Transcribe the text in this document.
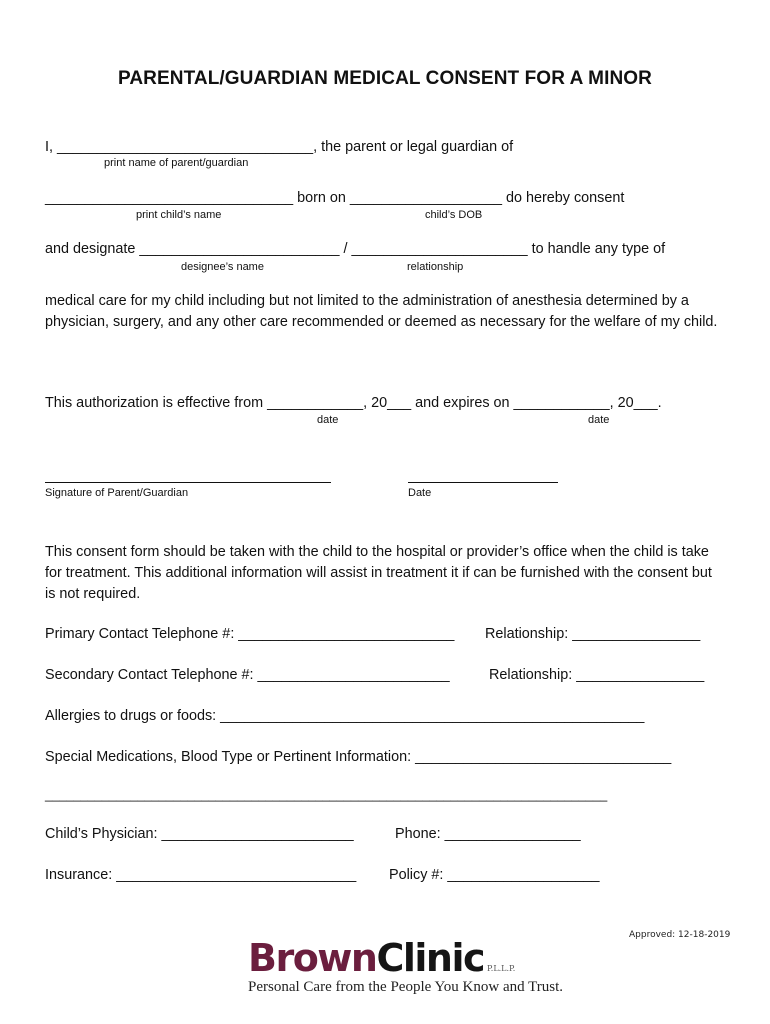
PARENTAL/GUARDIAN MEDICAL CONSENT FOR A MINOR
I, ________________________________, the parent or legal guardian of
print name of parent/guardian
_______________________________ born on ___________________ do hereby consent
print child’s name	child’s DOB
and designate _________________________ / ______________________ to handle any type of
designee’s name	relationship
medical care for my child including but not limited to the administration of anesthesia determined by a physician, surgery, and any other care recommended or deemed as necessary for the welfare of my child.
This authorization is effective from ____________, 20___ and expires on ____________, 20___.
date	date
Signature of Parent/Guardian	Date
This consent form should be taken with the child to the hospital or provider’s office when the child is take for treatment. This additional information will assist in treatment it if can be furnished with the consent but is not required.
Primary Contact Telephone #: ___________________________ Relationship: ________________
Secondary Contact Telephone #: ________________________	Relationship: ________________
Allergies to drugs or foods: _____________________________________________________
Special Medications, Blood Type or Pertinent Information: ________________________________
_______________________________________________________________________________
Child’s Physician: ________________________	Phone: _________________
Insurance: ______________________________ Policy #: ___________________
Approved: 12-18-2019
BrownClinic P.L.L.P.
Personal Care from the People You Know and Trust.
